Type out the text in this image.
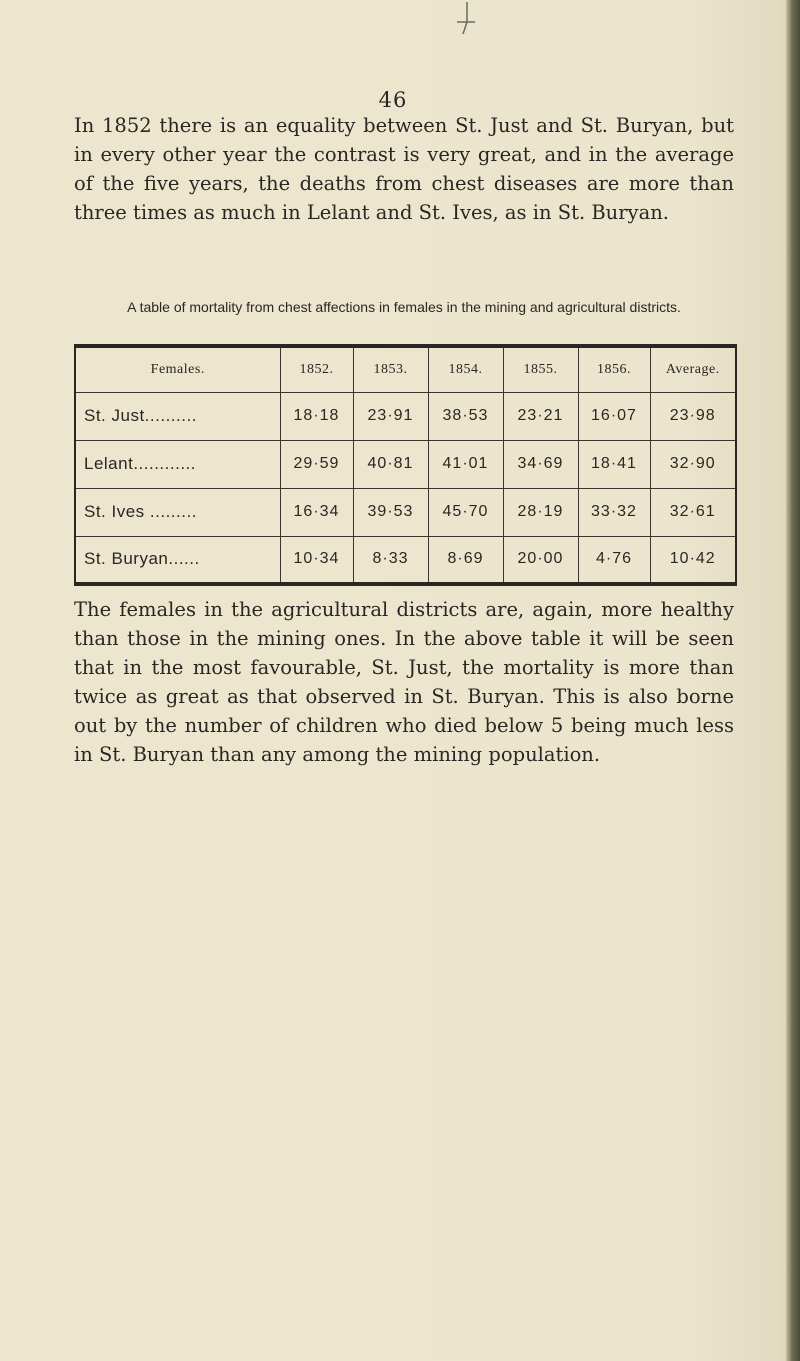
46

In 1852 there is an equality between St. Just and St. Buryan, but in every other year the contrast is very great, and in the average of the five years, the deaths from chest diseases are more than three times as much in Lelant and St. Ives, as in St. Buryan.

A table of mortality from chest affections in females in the mining and agricultural districts.

Females.	1852.	1853.	1854.	1855.	1856.	Average.
St. Just..........	18·18	23·91	38·53	23·21	16·07	23·98
Lelant............	29·59	40·81	41·01	34·69	18·41	32·90
St. Ives .........	16·34	39·53	45·70	28·19	33·32	32·61
St. Buryan......	10·34	8·33	8·69	20·00	4·76	10·42

The females in the agricultural districts are, again, more healthy than those in the mining ones. In the above table it will be seen that in the most favourable, St. Just, the mortality is more than twice as great as that observed in St. Buryan. This is also borne out by the number of children who died below 5 being much less in St. Buryan than any among the mining population.
